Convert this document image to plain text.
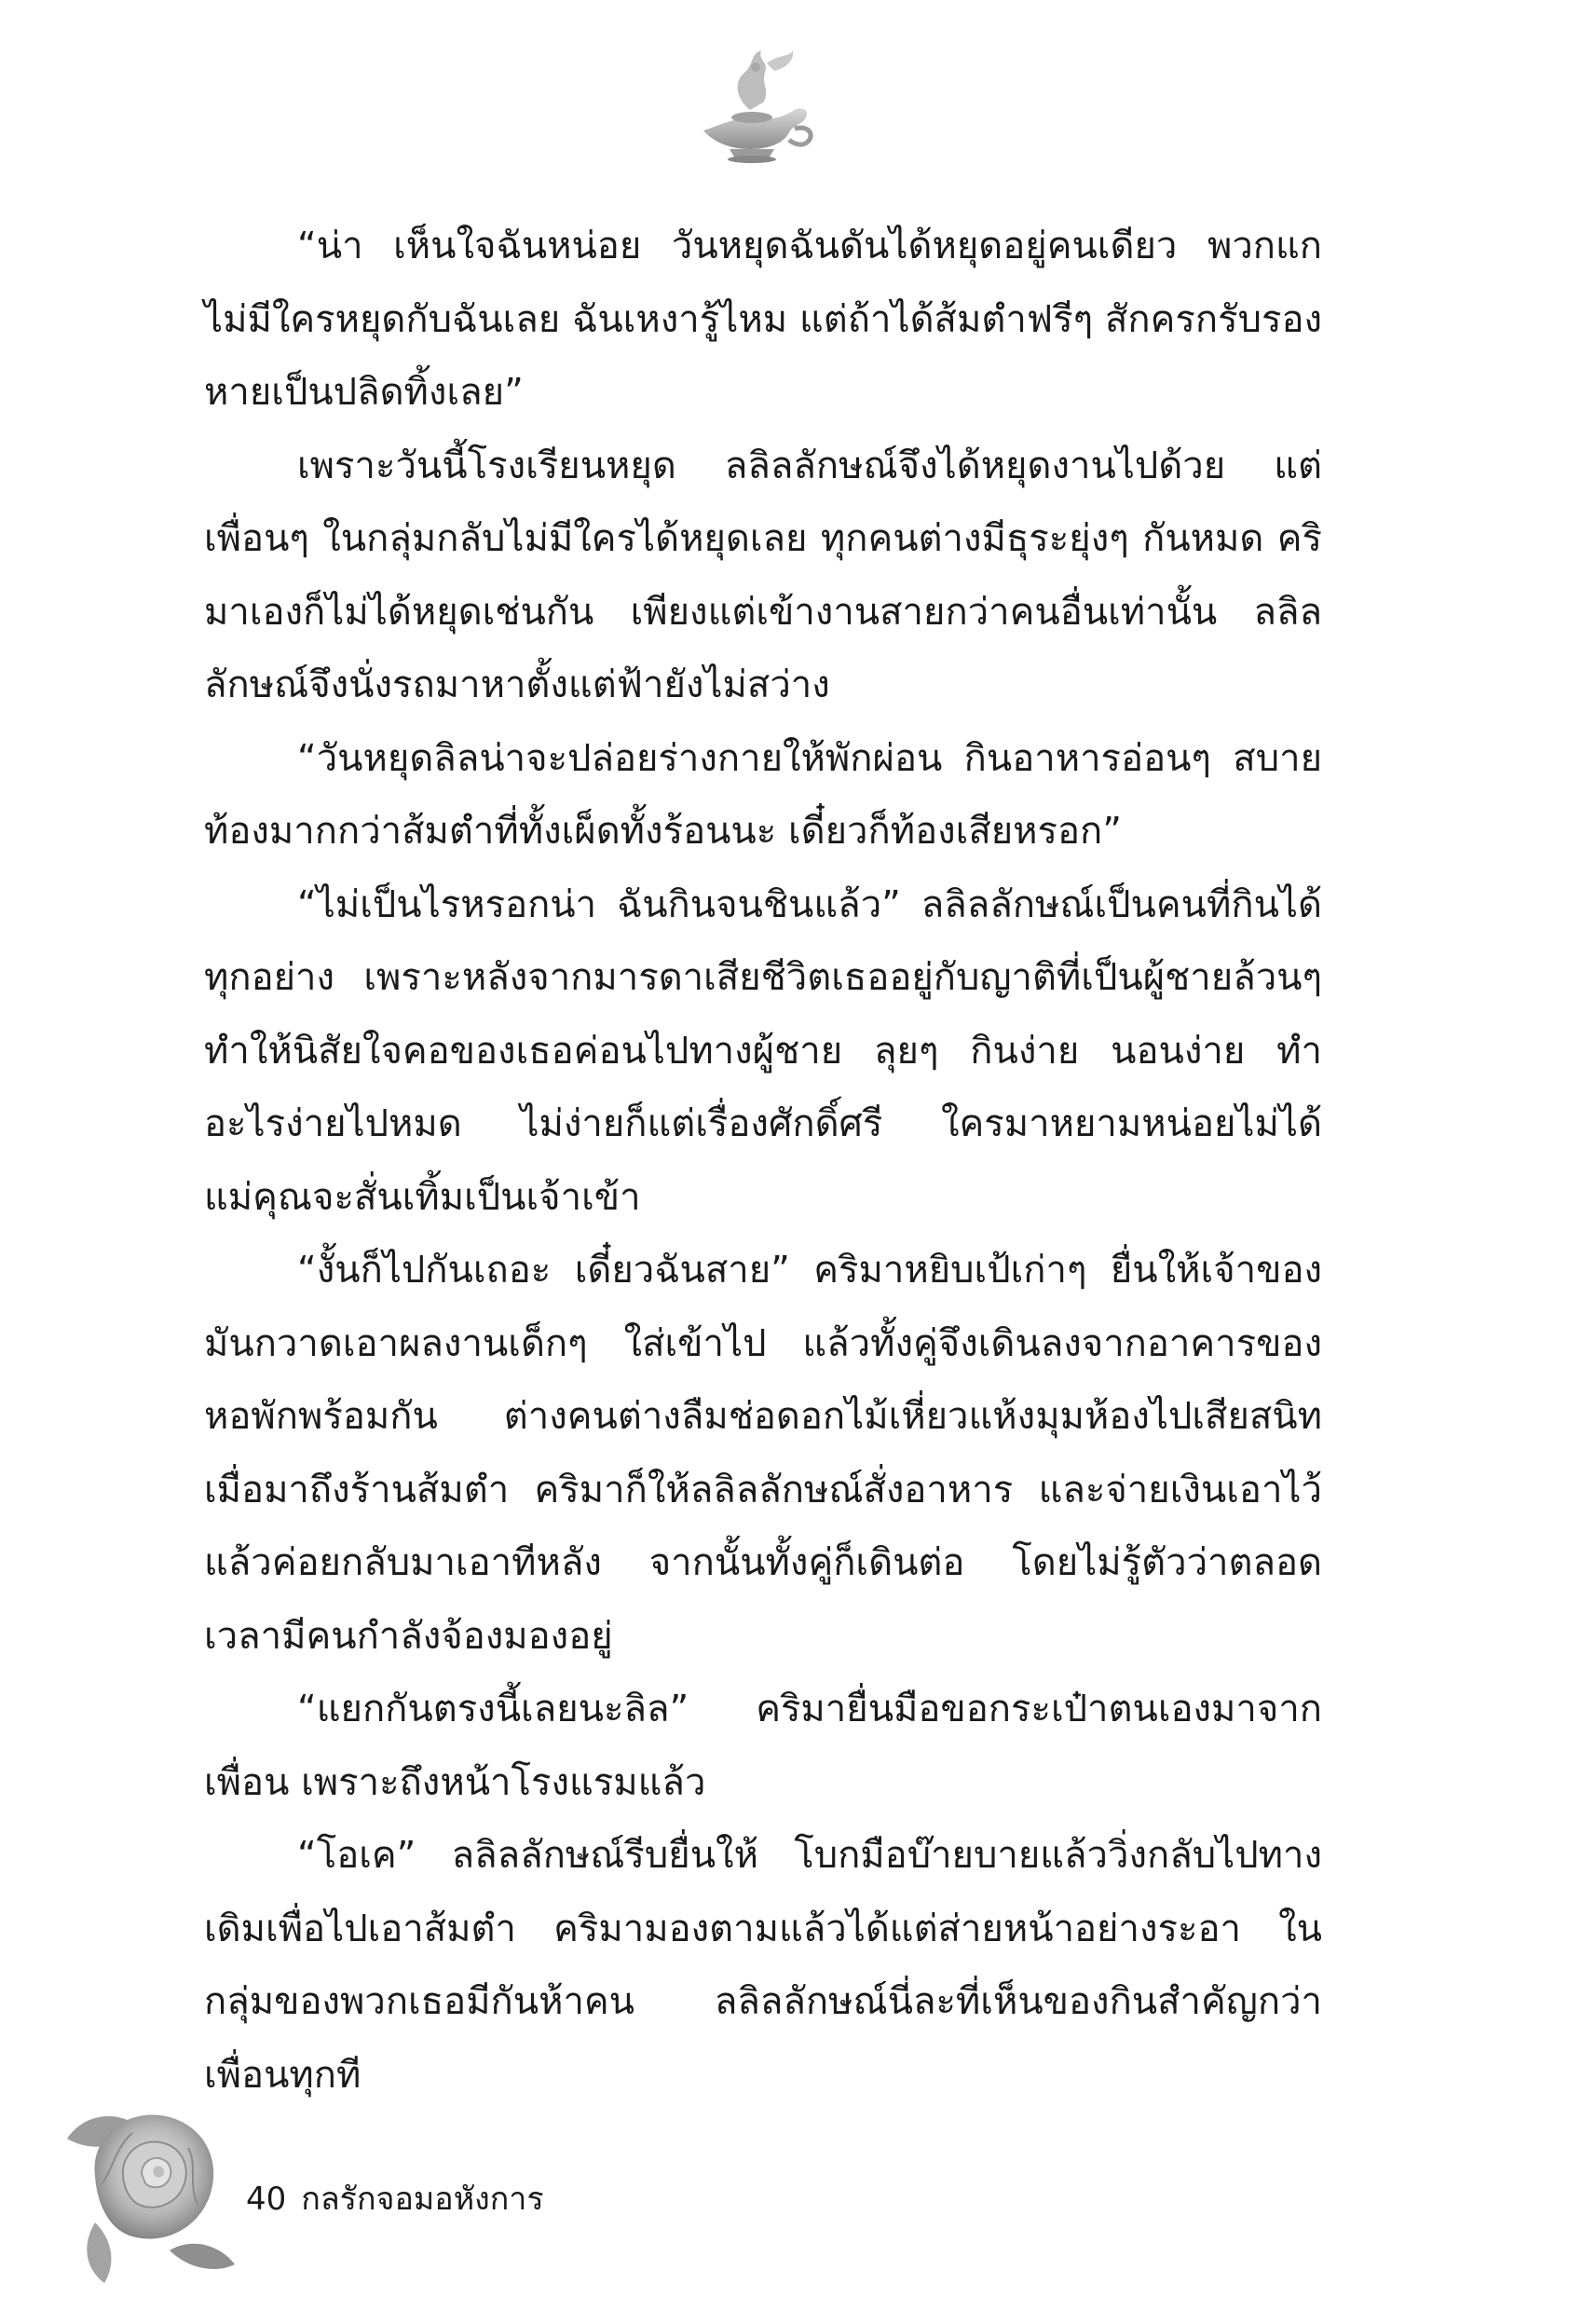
“น่า เห็นใจฉันหน่อย วันหยุดฉันดันได้หยุดอยู่คนเดียว พวกแกไม่มีใครหยุดกับฉันเลย ฉันเหงารู้ไหม แต่ถ้าได้ส้มตำฟรีๆ สักครกรับรองหายเป็นปลิดทิ้งเลย”

เพราะวันนี้โรงเรียนหยุด ลลิลลักษณ์จึงได้หยุดงานไปด้วย แต่เพื่อนๆ ในกลุ่มกลับไม่มีใครได้หยุดเลย ทุกคนต่างมีธุระยุ่งๆ กันหมด คริมาเองก็ไม่ได้หยุดเช่นกัน เพียงแต่เข้างานสายกว่าคนอื่นเท่านั้น ลลิลลักษณ์จึงนั่งรถมาหาตั้งแต่ฟ้ายังไม่สว่าง

“วันหยุดลิลน่าจะปล่อยร่างกายให้พักผ่อน กินอาหารอ่อนๆ สบายท้องมากกว่าส้มตำที่ทั้งเผ็ดทั้งร้อนนะ เดี๋ยวก็ท้องเสียหรอก”

“ไม่เป็นไรหรอกน่า ฉันกินจนชินแล้ว” ลลิลลักษณ์เป็นคนที่กินได้ทุกอย่าง เพราะหลังจากมารดาเสียชีวิตเธออยู่กับญาติที่เป็นผู้ชายล้วนๆ ทำให้นิสัยใจคอของเธอค่อนไปทางผู้ชาย ลุยๆ กินง่าย นอนง่าย ทำอะไรง่ายไปหมด ไม่ง่ายก็แต่เรื่องศักดิ์ศรี ใครมาหยามหน่อยไม่ได้ แม่คุณจะสั่นเทิ้มเป็นเจ้าเข้า

“งั้นก็ไปกันเถอะ เดี๋ยวฉันสาย” คริมาหยิบเป้เก่าๆ ยื่นให้เจ้าของมันกวาดเอาผลงานเด็กๆ ใส่เข้าไป แล้วทั้งคู่จึงเดินลงจากอาคารของหอพักพร้อมกัน ต่างคนต่างลืมช่อดอกไม้เหี่ยวแห้งมุมห้องไปเสียสนิท เมื่อมาถึงร้านส้มตำ คริมาก็ให้ลลิลลักษณ์สั่งอาหาร และจ่ายเงินเอาไว้แล้วค่อยกลับมาเอาทีหลัง จากนั้นทั้งคู่ก็เดินต่อ โดยไม่รู้ตัวว่าตลอดเวลามีคนกำลังจ้องมองอยู่

“แยกกันตรงนี้เลยนะลิล” คริมายื่นมือขอกระเป๋าตนเองมาจากเพื่อน เพราะถึงหน้าโรงแรมแล้ว

“โอเค” ลลิลลักษณ์รีบยื่นให้ โบกมือบ๊ายบายแล้ววิ่งกลับไปทางเดิมเพื่อไปเอาส้มตำ คริมามองตามแล้วได้แต่ส่ายหน้าอย่างระอา ในกลุ่มของพวกเธอมีกันห้าคน ลลิลลักษณ์นี่ละที่เห็นของกินสำคัญกว่าเพื่อนทุกที

40 กลรักจอมอหังการ
